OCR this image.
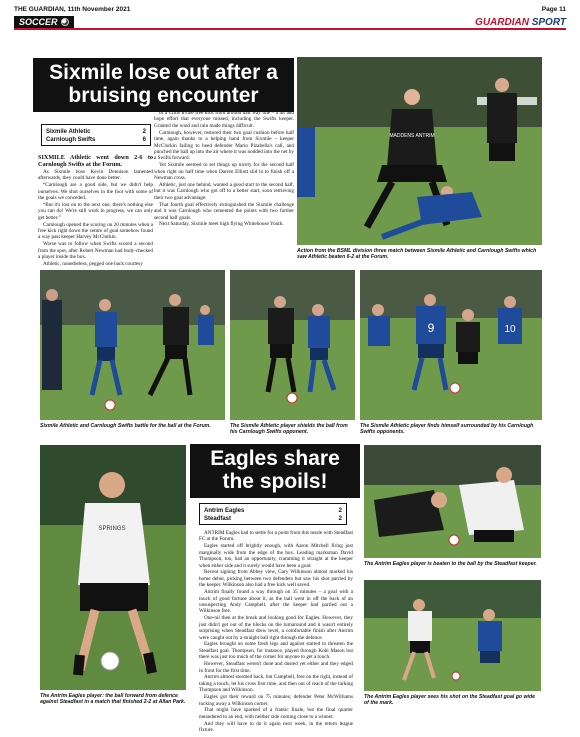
THE GUARDIAN, 11th November 2021	Page 11
SOCCER	GUARDIAN SPORT
Sixmile lose out after a bruising encounter
Sixmile Athletic	2
Carnlough Swifts	6

SIXMILE Athletic went down 2-6 to Carnlough Swifts at the Forum.

As Sixmile boss Kevin Dennison lamented afterwards, they could have done better.

“Carnlough are a good side, but we didn't help ourselves. We shot ourselves in the foot with some of the goals we conceded.

“But it's lost on to the next one, there's nothing else you can do! We're still work in progress, we can only get better.”

Carnlough opened the scoring on 20 minutes when a free kick right down the centre of goal somehow found a way past keeper Harvey McClurkin.

Worse was to follow when Swifts scored a second from the spot, after Robert Newman had body-checked a player inside the box.

Athletic, nonetheless, pegged one back courtesy

of a Chris Irvine free kick from around half way line – a hit and hope effort that everyone missed, including the Swifts keeper. Granted the wind and rain made things difficult.

Carnlough, however, restored their two goal cushion before half time, again thanks to a helping hand from Sixmile – keeper McClurkin failing to heed defender Mario Pizabella's call, and punched the ball up into the air where it was nodded into the net by a Swifts forward.

Yet Sixmile seemed to set things up nicely for the second half when right on half time when Darren Elliott slid in to finish off a Newman cross.

Athletic, just one behind, wanted a good start to the second half, but it was Carnlough who got off to a better start, soon retrieving their two goal advantage.

That fourth goal effectively extinguished the Sixmile challenge and it was Carnlough who cemented the points with two further second half goals.

Next Saturday, Sixmile meet high flying Whitehouse Youth.

MADDENS ANTRIM
Action from the BSML division three match between Sixmile Athletic and Carnlough Swifts which saw Athletic beaten 6-2 at the Forum.
Sixmile Athletic and Carnlough Swifts battle for the ball at the Forum.	The Sixmile Athletic player shields the ball from his Carnlough Swifts opponent.
9	10
The Sixmile Athletic player finds himself surrounded by his Carnlough Swifts opponents.
Eagles share the spoils!
Antrim Eagles	2
Steadfast	2

ANTRIM Eagles had to settle for a point from this tussle with Steadfast FC at the Forum.

Eagles started off brightly enough, with Aaron Mitchell firing just marginally wide from the edge of the box. Leading marksman David Thompson, too, had an opportunity, cramming it straight at the keeper when either side and it surely would have been a goal.

Recent signing from Abbey view, Gary Wilkinson almost marked his home debut, picking between two defenders but saw his shot parried by the keeper. Wilkinson also had a free kick well saved.

Antrim finally found a way through on 35 minutes – a goal with a touch of good fortune about it, as the ball went in off the back of an unsuspecting Andy Campbell, after the keeper had parried out a Wilkinson free.

One-nil then at the break and looking good for Eagles. However, they just didn't get out of the blocks on the turnaround and it wasn't entirely surprising when Steadfast drew level, a comfortable finish after Antrim were caught out by a straight ball right through the defence.

Eagles brought on some fresh legs and against started to threaten the Steadfast goal. Thompson, for instance, played through Kobi Mason but there was just too much of the corner for anyone to get a touch.

However, Steadfast weren't done and dusted yet either and they edged in front for the first time.

Antrim almost stormed back, but Campbell, free on the right, instead of taking a touch, let his cross first time, and then out of reach of the lurking Thompson and Wilkinson.

Eagles got their reward on 75 minutes; defender Peter McWilliams tucking away a Wilkinson corner.

That might have sparked of a frantic finale, but the final quarter meandered to an end, with neither side coming close to a winner.

And they will have to do it again next week, in the return league fixture.

SPRINGS
The Antrim Eagles player: the ball forward from defence against Steadfast in a match that finished 2-2 at Allan Park.
The Antrim Eagles player is beaten to the ball by the Steadfast keeper.
The Antrim Eagles player sees his shot on the Steadfast goal go wide of the mark.
